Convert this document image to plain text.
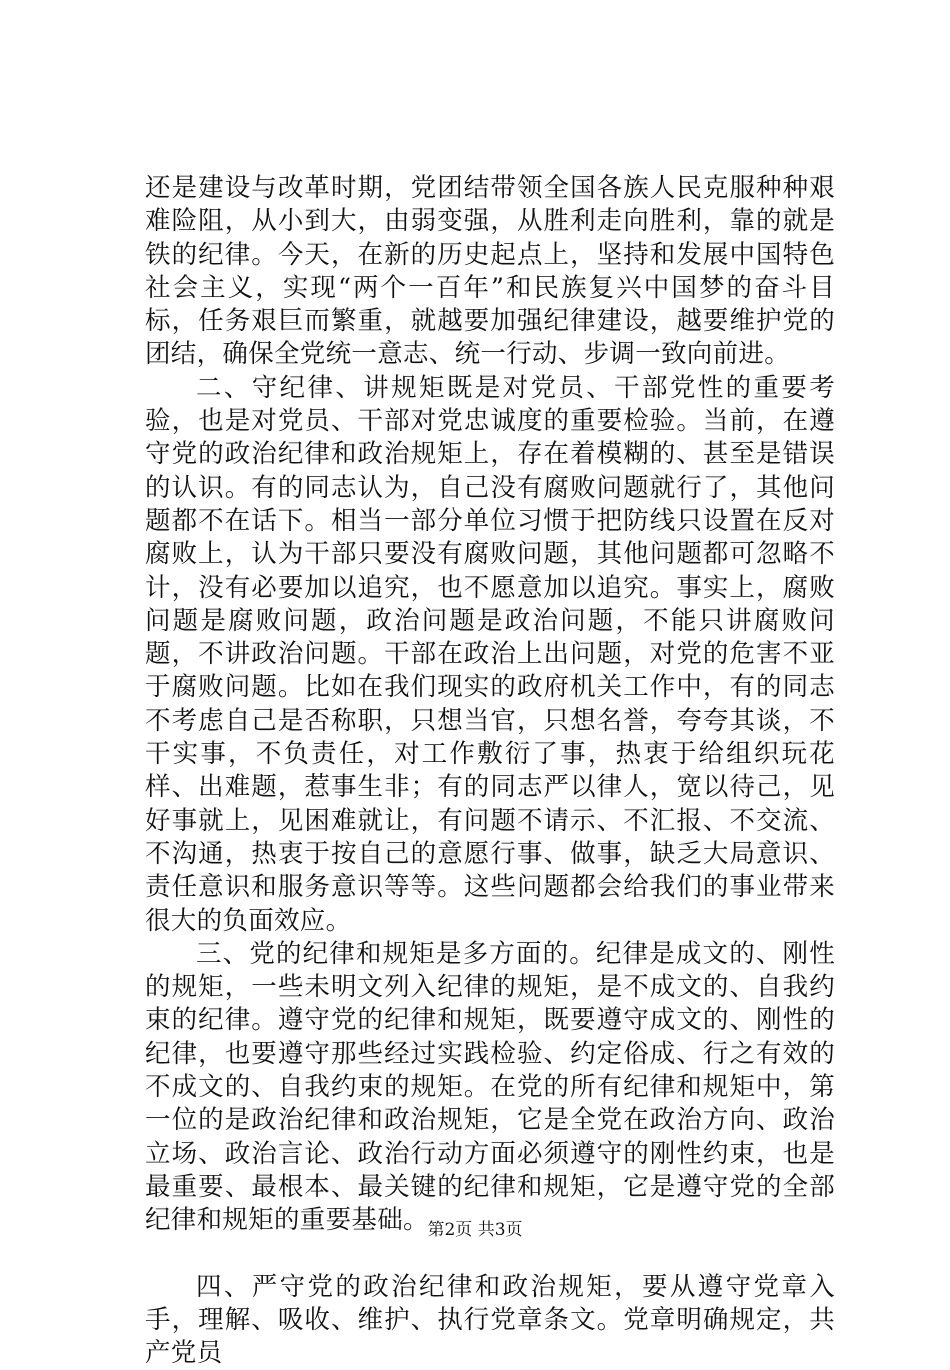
还是建设与改革时期，党团结带领全国各族人民克服种种艰难险阻，从小到大，由弱变强，从胜利走向胜利，靠的就是铁的纪律。今天，在新的历史起点上，坚持和发展中国特色社会主义，实现“两个一百年”和民族复兴中国梦的奋斗目标，任务艰巨而繁重，就越要加强纪律建设，越要维护党的团结，确保全党统一意志、统一行动、步调一致向前进。

二、守纪律、讲规矩既是对党员、干部党性的重要考验，也是对党员、干部对党忠诚度的重要检验。当前，在遵守党的政治纪律和政治规矩上，存在着模糊的、甚至是错误的认识。有的同志认为，自己没有腐败问题就行了，其他问题都不在话下。相当一部分单位习惯于把防线只设置在反对腐败上，认为干部只要没有腐败问题，其他问题都可忽略不计，没有必要加以追究，也不愿意加以追究。事实上，腐败问题是腐败问题，政治问题是政治问题，不能只讲腐败问题，不讲政治问题。干部在政治上出问题，对党的危害不亚于腐败问题。比如在我们现实的政府机关工作中，有的同志不考虑自己是否称职，只想当官，只想名誉，夸夸其谈，不干实事，不负责任，对工作敷衍了事，热衷于给组织玩花样、出难题，惹事生非；有的同志严以律人，宽以待己，见好事就上，见困难就让，有问题不请示、不汇报、不交流、不沟通，热衷于按自己的意愿行事、做事，缺乏大局意识、责任意识和服务意识等等。这些问题都会给我们的事业带来很大的负面效应。

三、党的纪律和规矩是多方面的。纪律是成文的、刚性的规矩，一些未明文列入纪律的规矩，是不成文的、自我约束的纪律。遵守党的纪律和规矩，既要遵守成文的、刚性的纪律，也要遵守那些经过实践检验、约定俗成、行之有效的不成文的、自我约束的规矩。在党的所有纪律和规矩中，第一位的是政治纪律和政治规矩，它是全党在政治方向、政治立场、政治言论、政治行动方面必须遵守的刚性约束，也是最重要、最根本、最关键的纪律和规矩，它是遵守党的全部纪律和规矩的重要基础。

四、严守党的政治纪律和政治规矩，要从遵守党章入手，理解、吸收、维护、执行党章条文。党章明确规定，共产党员

第2页 共3页
